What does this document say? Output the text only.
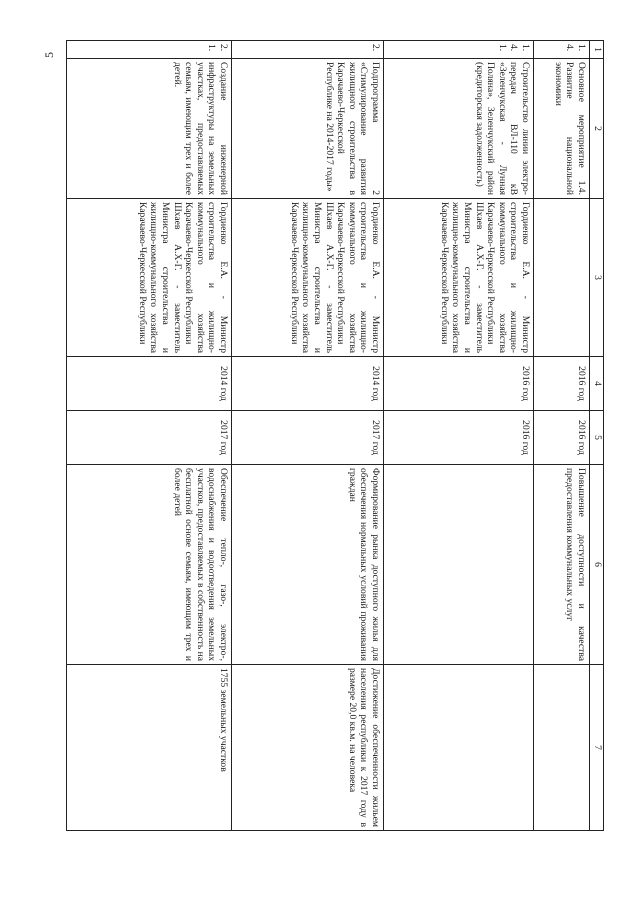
5
1	2	3	4	5	6	7
1.4.	Основное мероприятие 1.4. Развитие национальной экономики		2016 год	2016 год	Повышение доступности и качества предоставления коммунальных услуг	
1.4.1.	Строительство линии электро-передач ВЛ-110 кВ «Зеленчукская - Лунная Поляна», Зеленчукский район (кредиторская задолженность)	Гордиенко Е.А. - Министр строительства и жилищно-коммунального хозяйства Карачаево-Черкесской Республики
Шхаев А.Х-Г. - заместитель Министра строительства и жилищно-коммунального хозяйства Карачаево-Черкесской Республики	2016 год	2016 год		
2.	Подпрограмма 2 «Стимулирование развития жилищного строительства в Карачаево-Черкесской Республике на 2014-2017 годы»	Гордиенко Е.А. - Министр строительства и жилищно-коммунального хозяйства Карачаево-Черкесской Республики
Шхаев А.Х-Г. - заместитель Министра строительства и жилищно-коммунального хозяйства Карачаево-Черкесской Республики	2014 год	2017 год	Формирование рынка доступного жилья для обеспечения нормальных условий проживания граждан	Достижение обеспеченности жильем населения республики к 2017 году в размере 20,0 кв.м. на человека
2.1.	Создание инженерной инфраструктуры на земельных участках, предоставляемых семьям, имеющим трех и более детей.	Гордиенко Е.А. - Министр строительства и жилищно-коммунального хозяйства Карачаево-Черкесской Республики
Шхаев А.Х-Г. - заместитель Министра строительства и жилищно-коммунального хозяйства Карачаево-Черкесской Республики	2014 год	2017 год	Обеспечение тепло-, газо-, электро-, водоснабжения и водоотведения земельных участков, предоставляемых в собственность на бесплатной основе семьям, имеющим трех и более детей	1755 земельных участков
